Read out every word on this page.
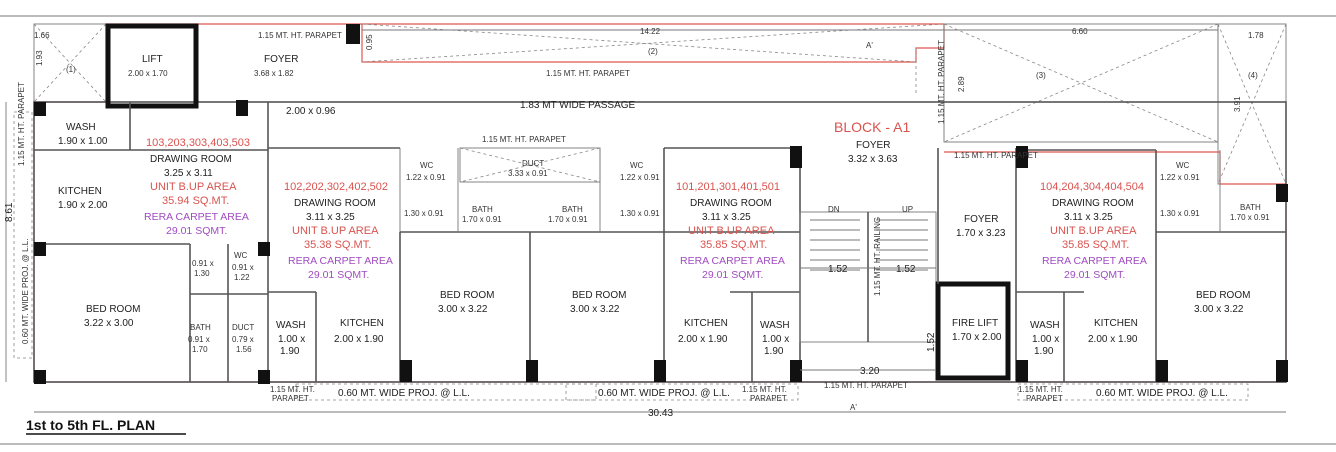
1.66
1.93
(1)
14.22
(2)
6.60
(3)
1.78
(4)
2.89
3.91
0.95	A'
A'
1.15 MT. HT. PARAPET
1.15 MT. HT. PARAPET
1.15 MT. HT. PARAPET
1.15 MT. HT. PARAPET
1.15 MT. HT. PARAPET
1.15 MT. HT. PARAPET
1.15 MT. HT. PARAPET
1.15 MT. HT. RAILING
1.15 MT. HT.
PARAPET
1.15 MT. HT.
PARAPET
1.15 MT. HT.
PARAPET
0.60 MT. WIDE PROJ. @ L.L.
0.60 MT. WIDE PROJ. @ L.L.	0.60 MT. WIDE PROJ. @ L.L.	0.60 MT. WIDE PROJ. @ L.L.
8.61
30.43
1.52	1.52
1.52
3.20
LIFT
2.00 x 1.70
FOYER
3.68 x 1.82
2.00 x 0.96
1.83 MT WIDE PASSAGE
DUCT
3.33 x 0.91
BLOCK - A1
FOYER
3.32 x 3.63
FOYER
1.70 x 3.23
FIRE LIFT
1.70 x 2.00
DN	UP
103,203,303,403,503
DRAWING ROOM
3.25 x 3.11
UNIT B.UP AREA
35.94 SQ.MT.
RERA CARPET AREA
29.01 SQMT.
WASH
1.90 x 1.00
KITCHEN
1.90 x 2.00
BED ROOM
3.22 x 3.00	BATH
0.91 x
1.70
WC
0.91 x
1.22
0.91 x
1.30
DUCT
0.79 x
1.56
102,202,302,402,502
DRAWING ROOM
3.11 x 3.25
UNIT B.UP AREA
35.38 SQ.MT.
RERA CARPET AREA
29.01 SQMT.
WASH
1.00 x
1.90
KITCHEN
2.00 x 1.90
BED ROOM
3.00 x 3.22
WC
1.22 x 0.91
BATH
1.70 x 0.91
1.30 x 0.91
101,201,301,401,501
DRAWING ROOM
3.11 x 3.25
UNIT B.UP AREA
35.85 SQ.MT.
RERA CARPET AREA
29.01 SQMT.
WASH
1.00 x
1.90
KITCHEN
2.00 x 1.90
BED ROOM
3.00 x 3.22
WC
1.22 x 0.91
BATH
1.70 x 0.91
1.30 x 0.91
104,204,304,404,504
DRAWING ROOM
3.11 x 3.25
UNIT B.UP AREA
35.85 SQ.MT.
RERA CARPET AREA
29.01 SQMT.
WASH
1.00 x
1.90
KITCHEN
2.00 x 1.90
BED ROOM
3.00 x 3.22
WC
1.22 x 0.91
BATH
1.70 x 0.91
1.30 x 0.91
1st to 5th FL. PLAN
